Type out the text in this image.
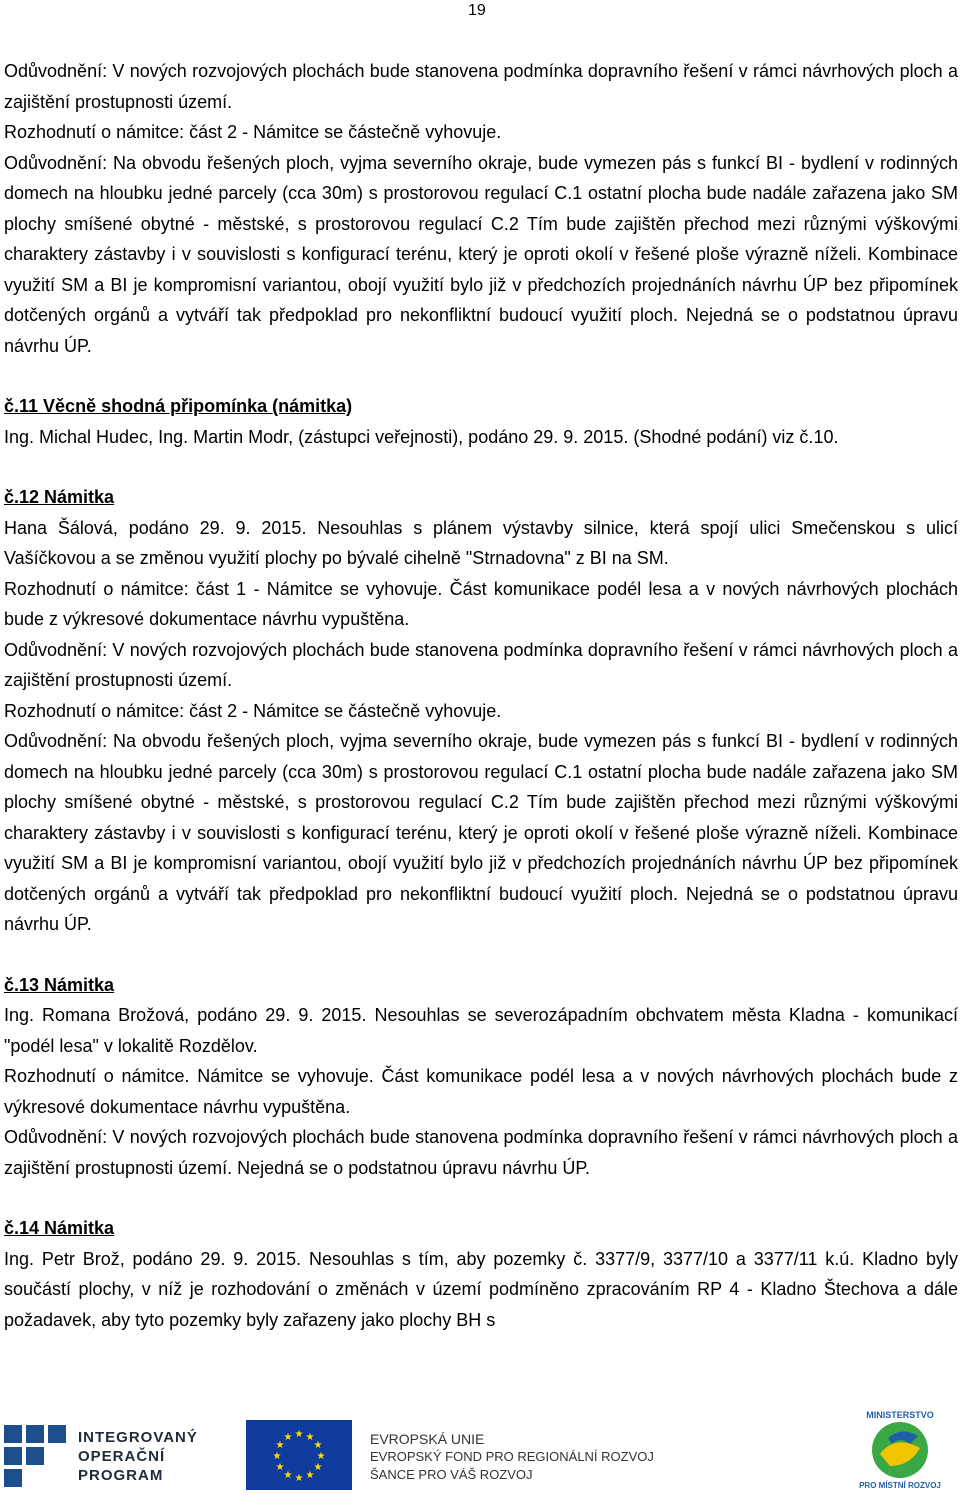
19

Odůvodnění: V nových rozvojových plochách bude stanovena podmínka dopravního řešení v rámci návrhových ploch a zajištění prostupnosti území.

Rozhodnutí o námitce: část 2 - Námitce se částečně vyhovuje.

Odůvodnění: Na obvodu řešených ploch, vyjma severního okraje, bude vymezen pás s funkcí BI - bydlení v rodinných domech na hloubku jedné parcely (cca 30m) s prostorovou regulací C.1 ostatní plocha bude nadále zařazena jako SM plochy smíšené obytné - městské, s prostorovou regulací C.2 Tím bude zajištěn přechod mezi různými výškovými charaktery zástavby i v souvislosti s konfigurací terénu, který je oproti okolí v řešené ploše výrazně níželi. Kombinace využití SM a BI je kompromisní variantou, obojí využití bylo již v předchozích projednáních návrhu ÚP bez připomínek dotčených orgánů a vytváří tak předpoklad pro nekonfliktní budoucí využití ploch. Nejedná se o podstatnou úpravu návrhu ÚP.

č.11 Věcně shodná připomínka (námitka)

Ing. Michal Hudec, Ing. Martin Modr, (zástupci veřejnosti), podáno 29. 9. 2015. (Shodné podání) viz č.10.

č.12 Námitka

Hana Šálová, podáno 29. 9. 2015. Nesouhlas s plánem výstavby silnice, která spojí ulici Smečenskou s ulicí Vašíčkovou a se změnou využití plochy po bývalé cihelně "Strnadovna" z BI na SM.

Rozhodnutí o námitce: část 1 - Námitce se vyhovuje. Část komunikace podél lesa a v nových návrhových plochách bude z výkresové dokumentace návrhu vypuštěna.

Odůvodnění: V nových rozvojových plochách bude stanovena podmínka dopravního řešení v rámci návrhových ploch a zajištění prostupnosti území.

Rozhodnutí o námitce: část 2 - Námitce se částečně vyhovuje.

Odůvodnění: Na obvodu řešených ploch, vyjma severního okraje, bude vymezen pás s funkcí BI - bydlení v rodinných domech na hloubku jedné parcely (cca 30m) s prostorovou regulací C.1 ostatní plocha bude nadále zařazena jako SM plochy smíšené obytné - městské, s prostorovou regulací C.2 Tím bude zajištěn přechod mezi různými výškovými charaktery zástavby i v souvislosti s konfigurací terénu, který je oproti okolí v řešené ploše výrazně níželi. Kombinace využití SM a BI je kompromisní variantou, obojí využití bylo již v předchozích projednáních návrhu ÚP bez připomínek dotčených orgánů a vytváří tak předpoklad pro nekonfliktní budoucí využití ploch. Nejedná se o podstatnou úpravu návrhu ÚP.

č.13 Námitka

Ing. Romana Brožová, podáno 29. 9. 2015. Nesouhlas se severozápadním obchvatem města Kladna - komunikací "podél lesa" v lokalitě Rozdělov.

Rozhodnutí o námitce. Námitce se vyhovuje. Část komunikace podél lesa a v nových návrhových plochách bude z výkresové dokumentace návrhu vypuštěna.

Odůvodnění: V nových rozvojových plochách bude stanovena podmínka dopravního řešení v rámci návrhových ploch a zajištění prostupnosti území. Nejedná se o podstatnou úpravu návrhu ÚP.

č.14 Námitka

Ing. Petr Brož, podáno 29. 9. 2015. Nesouhlas s tím, aby pozemky č. 3377/9, 3377/10 a 3377/11 k.ú. Kladno byly součástí plochy, v níž je rozhodování o změnách v území podmíněno zpracováním RP 4 - Kladno Štechova a dále požadavek, aby tyto pozemky byly zařazeny jako plochy BH s

INTEGROVANÝ
OPERAČNÍ
PROGRAM
★ ★
★
★
★
★
★
★
★
★
★
★	EVROPSKÁ UNIE
EVROPSKÝ FOND PRO REGIONÁLNÍ ROZVOJ
ŠANCE PRO VÁŠ ROZVOJ
MINISTERSTVO
PRO MÍSTNÍ ROZVOJ
